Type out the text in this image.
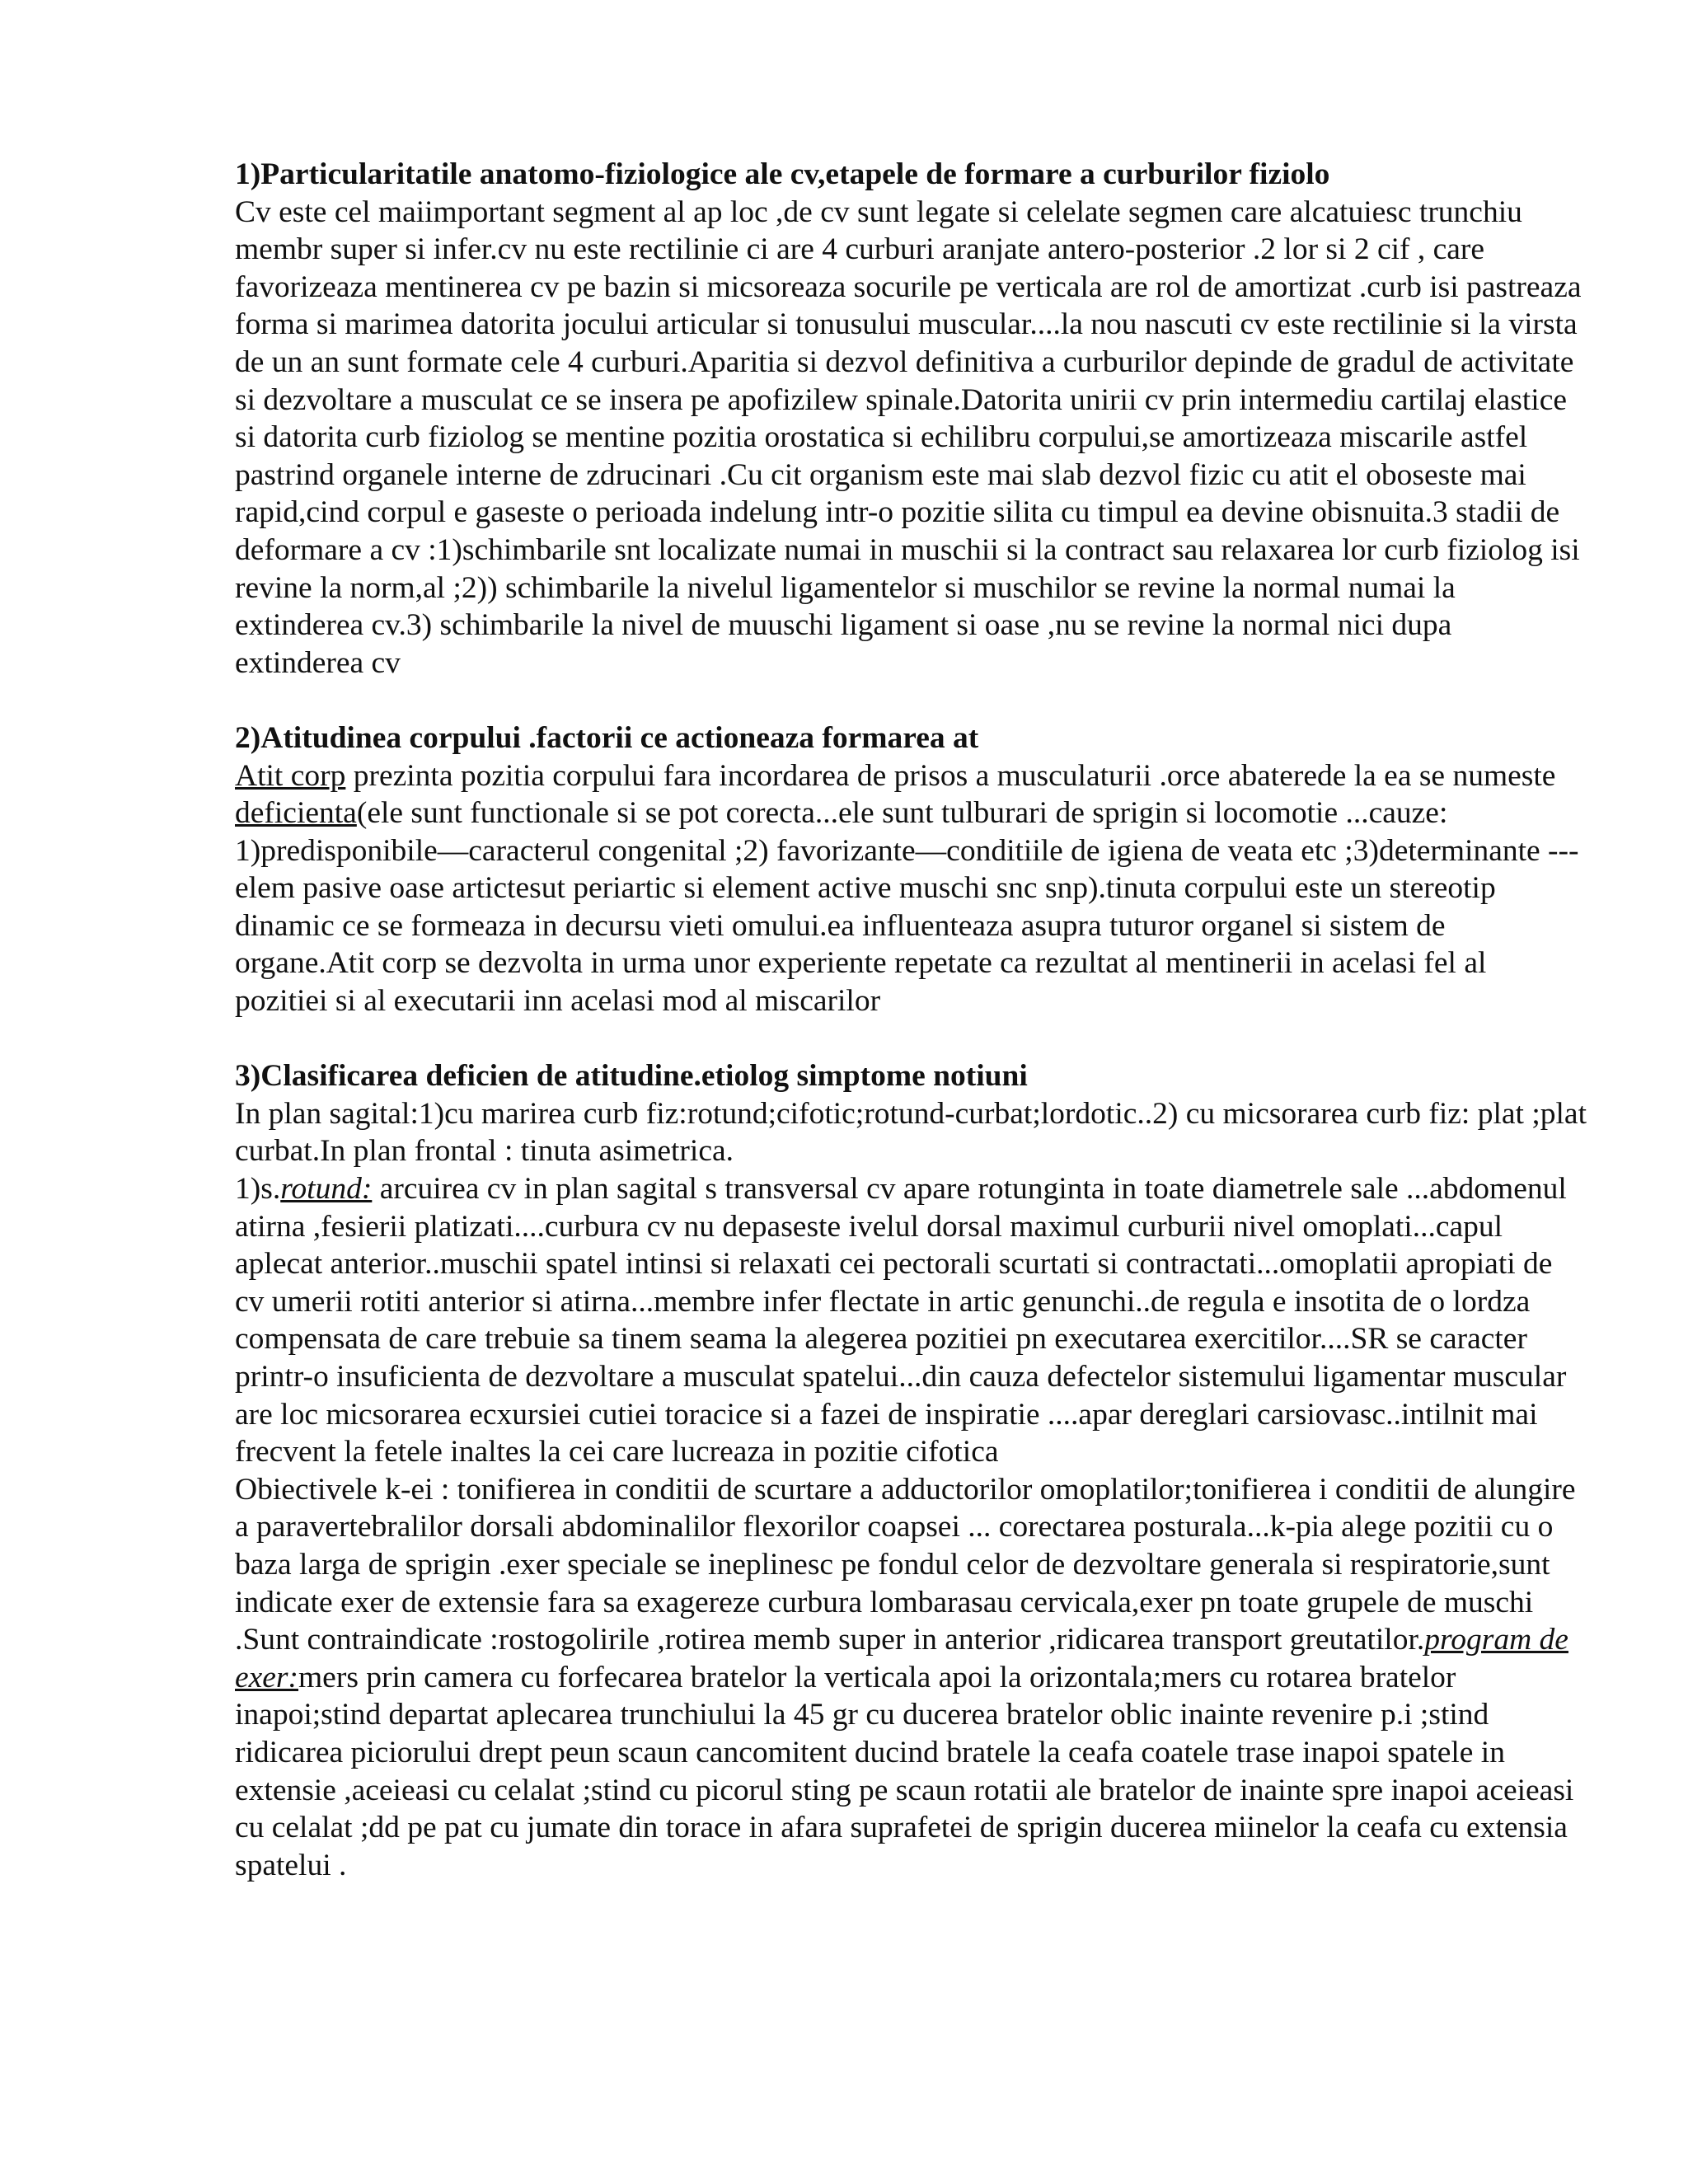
1)Particularitatile anatomo-fiziologice ale cv,etapele de formare a curburilor fiziolo
Cv este cel maiimportant segment al ap loc ,de cv sunt legate si celelate segmen care alcatuiesc trunchiu membr super si infer.cv nu este rectilinie ci are 4 curburi aranjate antero-posterior .2 lor si 2 cif , care favorizeaza mentinerea cv pe bazin si micsoreaza socurile pe verticala are rol de amortizat .curb isi pastreaza forma si marimea datorita jocului articular si tonusului muscular....la nou nascuti cv este rectilinie si la virsta de un an sunt formate cele 4 curburi.Aparitia si dezvol definitiva a curburilor depinde de gradul de activitate si dezvoltare a musculat ce se insera pe apofizilew spinale.Datorita unirii cv prin intermediu cartilaj elastice si datorita curb fiziolog se mentine pozitia orostatica si echilibru corpului,se amortizeaza miscarile astfel pastrind organele interne de zdrucinari .Cu cit organism este mai slab dezvol fizic cu atit el oboseste mai rapid,cind corpul e gaseste o perioada indelung intr-o pozitie silita cu timpul ea devine obisnuita.3 stadii de deformare a cv :1)schimbarile snt localizate numai in muschii si la contract sau relaxarea lor curb fiziolog isi revine la norm,al ;2)) schimbarile la nivelul ligamentelor si muschilor se revine la normal numai la extinderea cv.3) schimbarile la nivel de muuschi ligament si oase ,nu se revine la normal nici dupa extinderea cv
2)Atitudinea corpului .factorii ce actioneaza formarea at

Atit corp prezinta pozitia corpului fara incordarea de prisos a musculaturii .orce abaterede la ea se numeste deficienta(ele sunt functionale si se pot corecta...ele sunt tulburari de sprigin si locomotie ...cauze: 1)predisponibile—caracterul congenital ;2) favorizante—conditiile de igiena de veata etc ;3)determinante ---elem pasive oase artictesut periartic si element active muschi snc snp).tinuta corpului este un stereotip dinamic ce se formeaza in decursu vieti omului.ea influenteaza asupra tuturor organel si sistem de organe.Atit corp se dezvolta in urma unor experiente repetate ca rezultat al mentinerii in acelasi fel al pozitiei si al executarii inn acelasi mod al miscarilor

3)Clasificarea deficien de atitudine.etiolog simptome notiuni
In plan sagital:1)cu marirea curb fiz:rotund;cifotic;rotund-curbat;lordotic..2) cu micsorarea curb fiz: plat ;plat curbat.In plan frontal : tinuta asimetrica.

1)s.rotund: arcuirea cv in plan sagital s transversal cv apare rotunginta in toate diametrele sale ...abdomenul atirna ,fesierii platizati....curbura cv nu depaseste ivelul dorsal maximul curburii nivel omoplati...capul aplecat anterior..muschii spatel intinsi si relaxati cei pectorali scurtati si contractati...omoplatii apropiati de cv umerii rotiti anterior si atirna...membre infer flectate in artic genunchi..de regula e insotita de o lordza compensata de care trebuie sa tinem seama la alegerea pozitiei pn executarea exercitilor....SR se caracter printr-o insuficienta de dezvoltare a musculat spatelui...din cauza defectelor sistemului ligamentar muscular are loc micsorarea ecxursiei cutiei toracice si a fazei de inspiratie ....apar dereglari carsiovasc..intilnit mai frecvent la fetele inaltes la cei care lucreaza in pozitie cifotica

Obiectivele k-ei : tonifierea in conditii de scurtare a adductorilor omoplatilor;tonifierea i conditii de alungire a paravertebralilor dorsali abdominalilor flexorilor coapsei ... corectarea posturala...k-pia alege pozitii cu o baza larga de sprigin .exer speciale se ineplinesc pe fondul celor de dezvoltare generala si respiratorie,sunt indicate exer de extensie fara sa exagereze curbura lombarasau cervicala,exer pn toate grupele de muschi .Sunt contraindicate :rostogolirile ,rotirea memb super in anterior ,ridicarea transport greutatilor.program de exer:mers prin camera cu forfecarea bratelor la verticala apoi la orizontala;mers cu rotarea bratelor inapoi;stind departat aplecarea trunchiului la 45 gr cu ducerea bratelor oblic inainte revenire p.i ;stind ridicarea piciorului drept peun scaun cancomitent ducind bratele la ceafa coatele trase inapoi spatele in extensie ,aceieasi cu celalat ;stind cu picorul sting pe scaun rotatii ale bratelor de inainte spre inapoi aceieasi cu celalat ;dd pe pat cu jumate din torace in afara suprafetei de sprigin ducerea miinelor la ceafa cu extensia spatelui .
